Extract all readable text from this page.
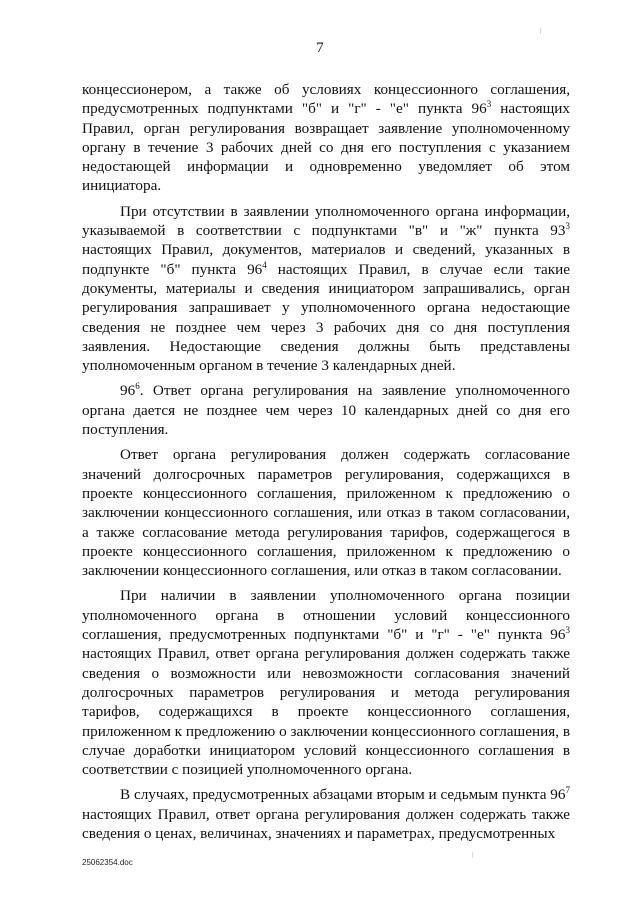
7

концессионером, а также об условиях концессионного соглашения, предусмотренных подпунктами "б" и "г" - "е" пункта $96^3$ настоящих Правил, орган регулирования возвращает заявление уполномоченному органу в течение 3 рабочих дней со дня его поступления с указанием недостающей информации и одновременно уведомляет об этом инициатора.

При отсутствии в заявлении уполномоченного органа информации, указываемой в соответствии с подпунктами "в" и "ж" пункта $93^3$ настоящих Правил, документов, материалов и сведений, указанных в подпункте "б" пункта $96^4$ настоящих Правил, в случае если такие документы, материалы и сведения инициатором запрашивались, орган регулирования запрашивает у уполномоченного органа недостающие сведения не позднее чем через 3 рабочих дня со дня поступления заявления. Недостающие сведения должны быть представлены уполномоченным органом в течение 3 календарных дней.

$96^6$. Ответ органа регулирования на заявление уполномоченного органа дается не позднее чем через 10 календарных дней со дня его поступления.

Ответ органа регулирования должен содержать согласование значений долгосрочных параметров регулирования, содержащихся в проекте концессионного соглашения, приложенном к предложению о заключении концессионного соглашения, или отказ в таком согласовании, а также согласование метода регулирования тарифов, содержащегося в проекте концессионного соглашения, приложенном к предложению о заключении концессионного соглашения, или отказ в таком согласовании.

При наличии в заявлении уполномоченного органа позиции уполномоченного органа в отношении условий концессионного соглашения, предусмотренных подпунктами "б" и "г" - "е" пункта $96^3$ настоящих Правил, ответ органа регулирования должен содержать также сведения о возможности или невозможности согласования значений долгосрочных параметров регулирования и метода регулирования тарифов, содержащихся в проекте концессионного соглашения, приложенном к предложению о заключении концессионного соглашения, в случае доработки инициатором условий концессионного соглашения в соответствии с позицией уполномоченного органа.

В случаях, предусмотренных абзацами вторым и седьмым пункта $96^7$ настоящих Правил, ответ органа регулирования должен содержать также сведения о ценах, величинах, значениях и параметрах, предусмотренных

25062354.doc
